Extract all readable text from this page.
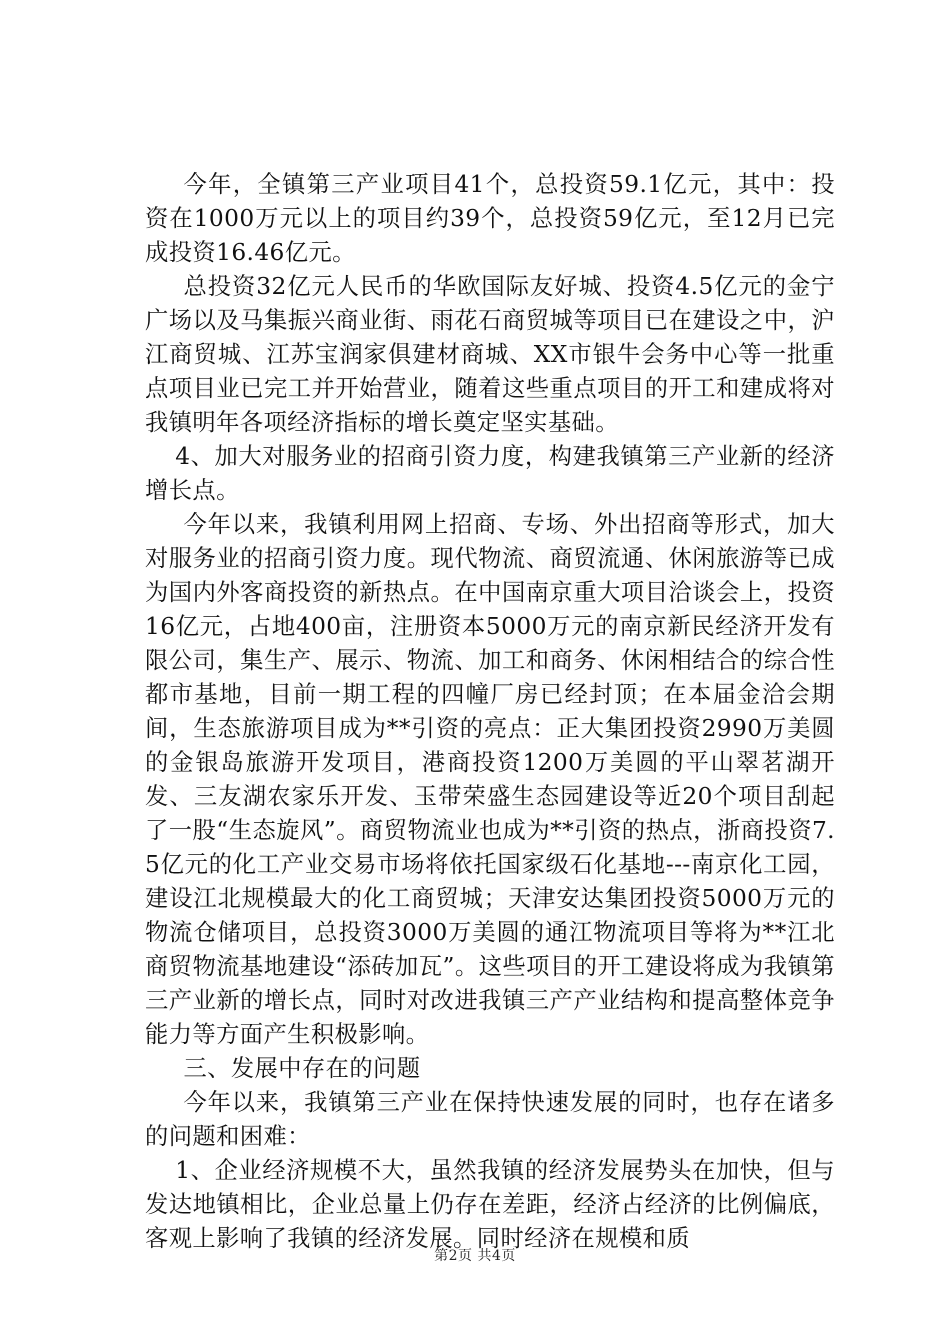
今年，全镇第三产业项目41个，总投资59.1亿元，其中：投资在1000万元以上的项目约39个，总投资59亿元，至12月已完成投资16.46亿元。

总投资32亿元人民币的华欧国际友好城、投资4.5亿元的金宁广场以及马集振兴商业街、雨花石商贸城等项目已在建设之中，沪江商贸城、江苏宝润家俱建材商城、XX市银牛会务中心等一批重点项目业已完工并开始营业，随着这些重点项目的开工和建成将对我镇明年各项经济指标的增长奠定坚实基础。

4、加大对服务业的招商引资力度，构建我镇第三产业新的经济增长点。

今年以来，我镇利用网上招商、专场、外出招商等形式，加大对服务业的招商引资力度。现代物流、商贸流通、休闲旅游等已成为国内外客商投资的新热点。在中国南京重大项目洽谈会上，投资16亿元，占地400亩，注册资本5000万元的南京新民经济开发有限公司，集生产、展示、物流、加工和商务、休闲相结合的综合性都市基地，目前一期工程的四幢厂房已经封顶；在本届金洽会期间，生态旅游项目成为**引资的亮点：正大集团投资2990万美圆的金银岛旅游开发项目，港商投资1200万美圆的平山翠茗湖开发、三友湖农家乐开发、玉带荣盛生态园建设等近20个项目刮起了一股“生态旋风”。商贸物流业也成为**引资的热点，浙商投资7.5亿元的化工产业交易市场将依托国家级石化基地---南京化工园，建设江北规模最大的化工商贸城；天津安达集团投资5000万元的物流仓储项目，总投资3000万美圆的通江物流项目等将为**江北商贸物流基地建设“添砖加瓦”。这些项目的开工建设将成为我镇第三产业新的增长点，同时对改进我镇三产产业结构和提高整体竞争能力等方面产生积极影响。

三、发展中存在的问题

今年以来，我镇第三产业在保持快速发展的同时，也存在诸多的问题和困难：

1、企业经济规模不大，虽然我镇的经济发展势头在加快，但与发达地镇相比，企业总量上仍存在差距，经济占经济的比例偏底，客观上影响了我镇的经济发展。同时经济在规模和质

第2页 共4页
